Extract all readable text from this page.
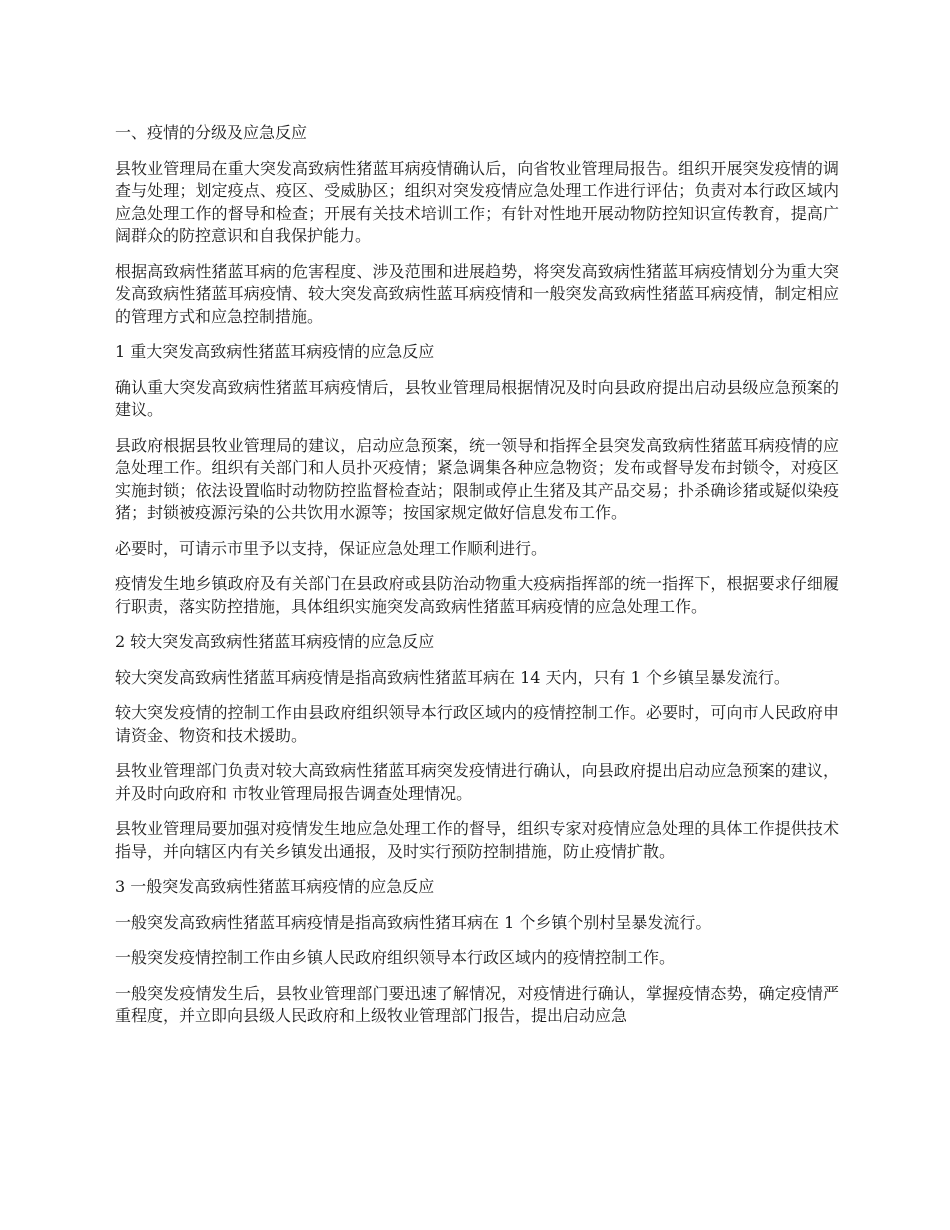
一、疫情的分级及应急反应

县牧业管理局在重大突发高致病性猪蓝耳病疫情确认后，向省牧业管理局报告。组织开展突发疫情的调查与处理；划定疫点、疫区、受威胁区；组织对突发疫情应急处理工作进行评估；负责对本行政区域内应急处理工作的督导和检查；开展有关技术培训工作；有针对性地开展动物防控知识宣传教育，提高广阔群众的防控意识和自我保护能力。

根据高致病性猪蓝耳病的危害程度、涉及范围和进展趋势，将突发高致病性猪蓝耳病疫情划分为重大突发高致病性猪蓝耳病疫情、较大突发高致病性蓝耳病疫情和一般突发高致病性猪蓝耳病疫情，制定相应的管理方式和应急控制措施。

1 重大突发高致病性猪蓝耳病疫情的应急反应

确认重大突发高致病性猪蓝耳病疫情后，县牧业管理局根据情况及时向县政府提出启动县级应急预案的建议。

县政府根据县牧业管理局的建议，启动应急预案，统一领导和指挥全县突发高致病性猪蓝耳病疫情的应急处理工作。组织有关部门和人员扑灭疫情；紧急调集各种应急物资；发布或督导发布封锁令，对疫区实施封锁；依法设置临时动物防控监督检查站；限制或停止生猪及其产品交易；扑杀确诊猪或疑似染疫猪；封锁被疫源污染的公共饮用水源等；按国家规定做好信息发布工作。

必要时，可请示市里予以支持，保证应急处理工作顺利进行。

疫情发生地乡镇政府及有关部门在县政府或县防治动物重大疫病指挥部的统一指挥下，根据要求仔细履行职责，落实防控措施，具体组织实施突发高致病性猪蓝耳病疫情的应急处理工作。

2 较大突发高致病性猪蓝耳病疫情的应急反应

较大突发高致病性猪蓝耳病疫情是指高致病性猪蓝耳病在 14 天内，只有 1 个乡镇呈暴发流行。

较大突发疫情的控制工作由县政府组织领导本行政区域内的疫情控制工作。必要时，可向市人民政府申请资金、物资和技术援助。

县牧业管理部门负责对较大高致病性猪蓝耳病突发疫情进行确认，向县政府提出启动应急预案的建议，并及时向政府和 市牧业管理局报告调查处理情况。

县牧业管理局要加强对疫情发生地应急处理工作的督导，组织专家对疫情应急处理的具体工作提供技术指导，并向辖区内有关乡镇发出通报，及时实行预防控制措施，防止疫情扩散。

3 一般突发高致病性猪蓝耳病疫情的应急反应

一般突发高致病性猪蓝耳病疫情是指高致病性猪耳病在 1 个乡镇个别村呈暴发流行。

一般突发疫情控制工作由乡镇人民政府组织领导本行政区域内的疫情控制工作。

一般突发疫情发生后，县牧业管理部门要迅速了解情况，对疫情进行确认，掌握疫情态势，确定疫情严重程度，并立即向县级人民政府和上级牧业管理部门报告，提出启动应急
